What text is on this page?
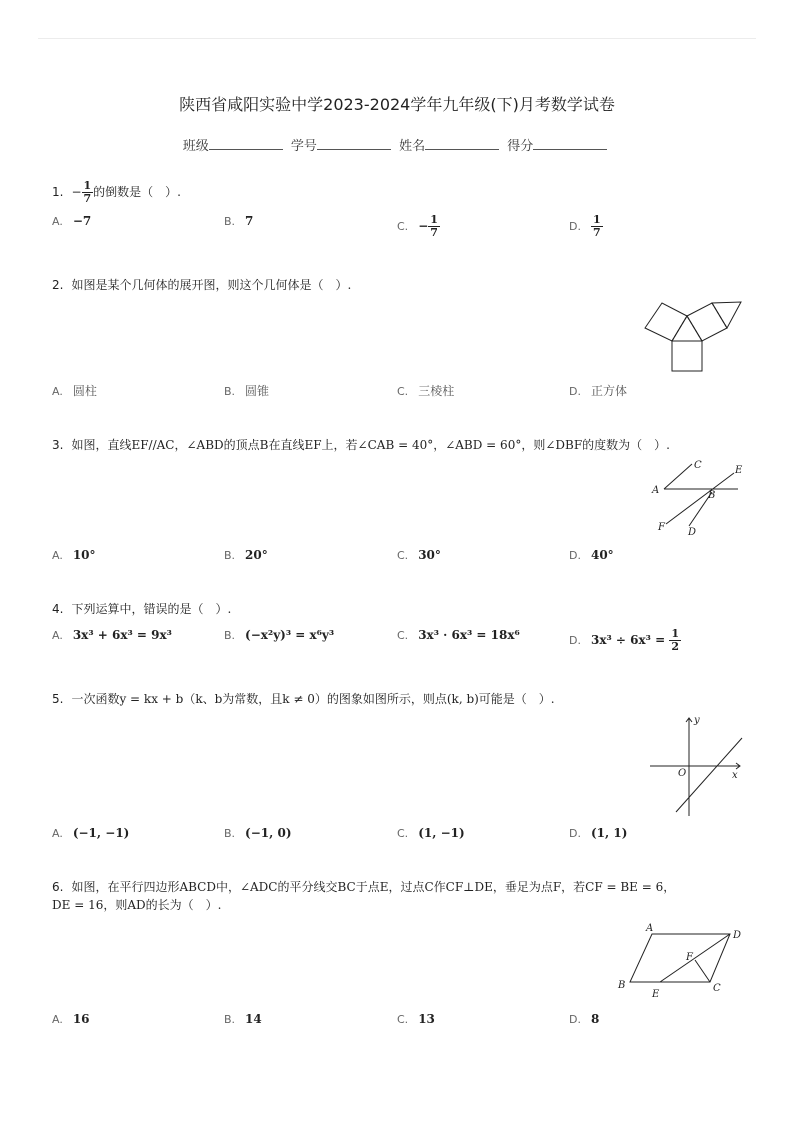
陕西省咸阳实验中学2023-2024学年九年级(下)月考数学试卷
班级	学号	姓名	得分
1. − $\frac{1}{7}$ 的倒数是（　）.
A. −7	B. 7	C. − $\frac{1}{7}$	D. $\frac{1}{7}$
2. 如图是某个几何体的展开图，则这个几何体是（　）.
A. 圆柱	B. 圆锥	C. 三棱柱	D. 正方体
3. 如图，直线EF//AC，∠ABD的顶点B在直线EF上，若∠CAB = 40°，∠ABD = 60°，则∠DBF的度数为（　）.
A
C
B
E
F D
A. 10°	B. 20°	C. 30°	D. 40°
4. 下列运算中，错误的是（　）.
A. 3x³ + 6x³ = 9x³	B. (−x²y)³ = x⁶y³	C. 3x³ · 6x³ = 18x⁶	D. $3x^3 \div 6x^3 = \frac{1}{2}$
5. 一次函数y = kx + b（k、b为常数，且k ≠ 0）的图象如图所示，则点(k, b)可能是（　）.
y
x
O
A. (−1, −1)	B. (−1, 0)	C. (1, −1)	D. (1, 1)
6. 如图，在平行四边形ABCD中，∠ADC的平分线交BC于点E，过点C作CF⊥DE，垂足为点F，若CF = BE = 6，
DE = 16，则AD的长为（　）.
A
D
B	C
E
F
A. 16	B. 14	C. 13	D. 8
